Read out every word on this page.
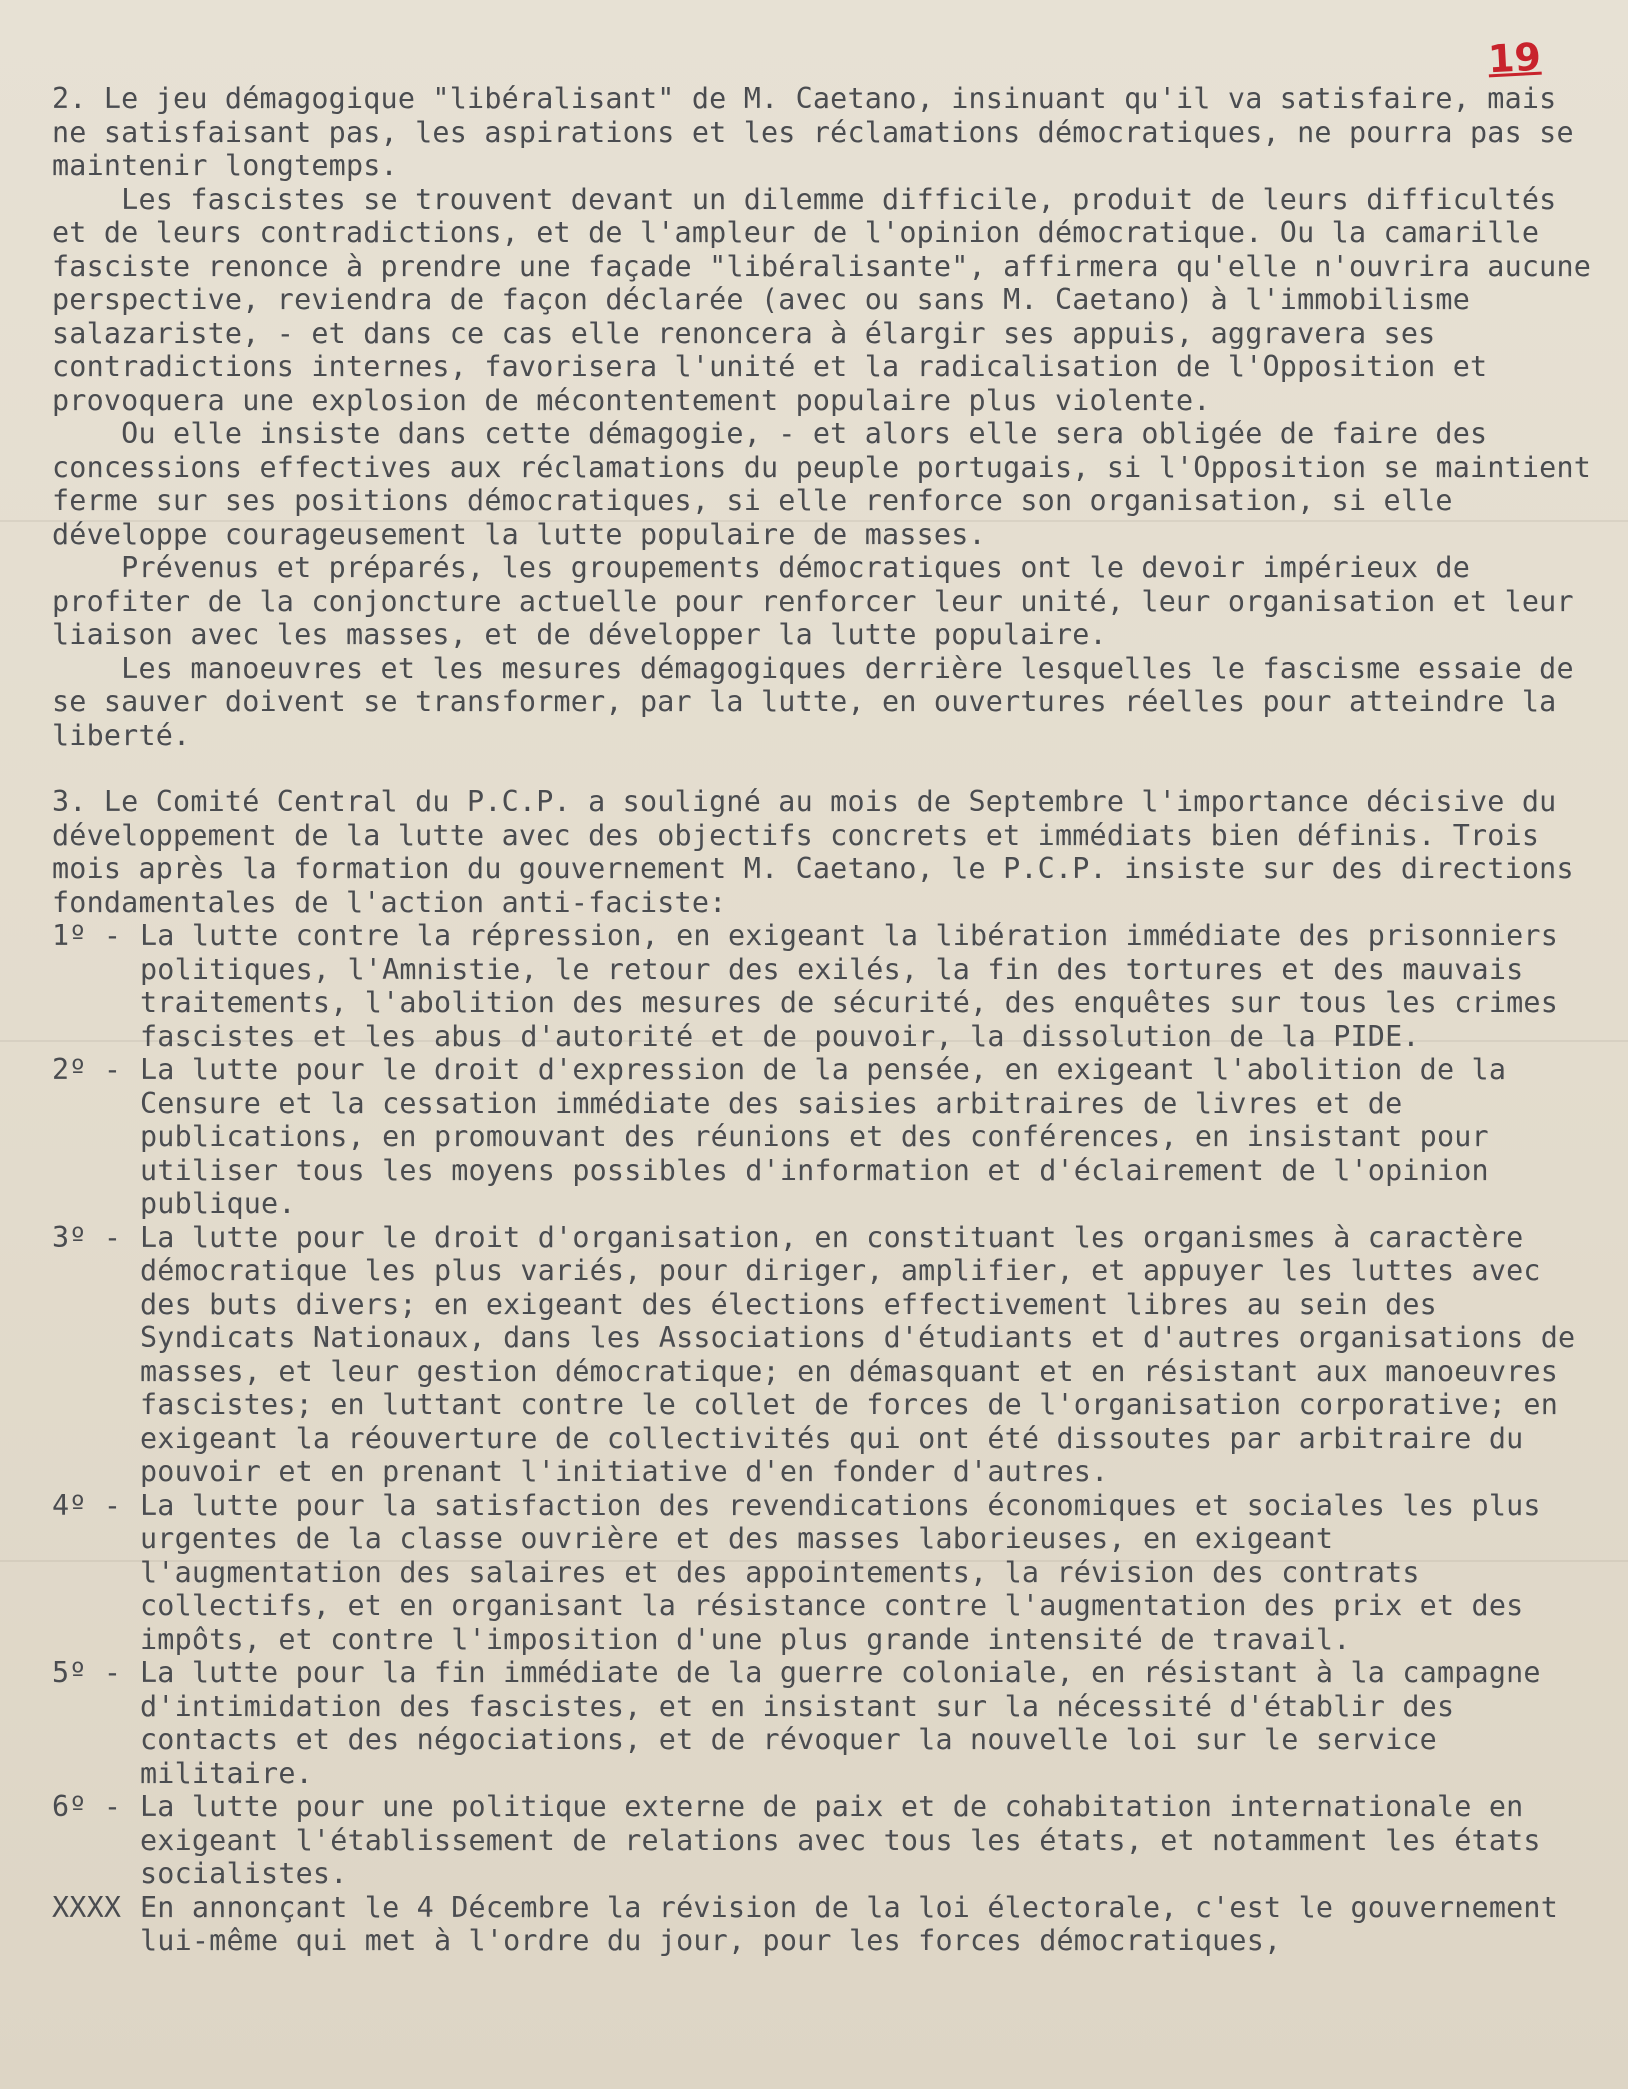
19

2. Le jeu démagogique "libéralisant" de M. Caetano, insinuant qu'il va satisfaire, mais ne satisfaisant pas, les aspirations et les réclamations démocratiques, ne pourra pas se maintenir longtemps.

Les fascistes se trouvent devant un dilemme difficile, produit de leurs difficultés et de leurs contradictions, et de l'ampleur de l'opinion démocratique. Ou la camarille fasciste renonce à prendre une façade "libéralisante", affirmera qu'elle n'ouvrira aucune perspective, reviendra de façon déclarée (avec ou sans M. Caetano) à l'immobilisme salazariste, - et dans ce cas elle renoncera à élargir ses appuis, aggravera ses contradictions internes, favorisera l'unité et la radicalisation de l'Opposition et provoquera une explosion de mécontentement populaire plus violente.

Ou elle insiste dans cette démagogie, - et alors elle sera obligée de faire des concessions effectives aux réclamations du peuple portugais, si l'Opposition se maintient ferme sur ses positions démocratiques, si elle renforce son organisation, si elle développe courageusement la lutte populaire de masses.

Prévenus et préparés, les groupements démocratiques ont le devoir impérieux de profiter de la conjoncture actuelle pour renforcer leur unité, leur organisation et leur liaison avec les masses, et de développer la lutte populaire.

Les manoeuvres et les mesures démagogiques derrière lesquelles le fascisme essaie de se sauver doivent se transformer, par la lutte, en ouvertures réelles pour atteindre la liberté.

3. Le Comité Central du P.C.P. a souligné au mois de Septembre l'importance décisive du développement de la lutte avec des objectifs concrets et immédiats bien définis. Trois mois après la formation du gouvernement M. Caetano, le P.C.P. insiste sur des directions fondamentales de l'action anti-faciste:

1º - La lutte contre la répression, en exigeant la libération immédiate des prisonniers politiques, l'Amnistie, le retour des exilés, la fin des tortures et des mauvais traitements, l'abolition des mesures de sécurité, des enquêtes sur tous les crimes fascistes et les abus d'autorité et de pouvoir, la dissolution de la PIDE.
2º - La lutte pour le droit d'expression de la pensée, en exigeant l'abolition de la Censure et la cessation immédiate des saisies arbitraires de livres et de publications, en promouvant des réunions et des conférences, en insistant pour utiliser tous les moyens possibles d'information et d'éclairement de l'opinion publique.
3º - La lutte pour le droit d'organisation, en constituant les organismes à caractère démocratique les plus variés, pour diriger, amplifier, et appuyer les luttes avec des buts divers; en exigeant des élections effectivement libres au sein des Syndicats Nationaux, dans les Associations d'étudiants et d'autres organisations de masses, et leur gestion démocratique; en démasquant et en résistant aux manoeuvres fascistes; en luttant contre le collet de forces de l'organisation corporative; en exigeant la réouverture de collectivités qui ont été dissoutes par arbitraire du pouvoir et en prenant l'initiative d'en fonder d'autres.
4º - La lutte pour la satisfaction des revendications économiques et sociales les plus urgentes de la classe ouvrière et des masses laborieuses, en exigeant l'augmentation des salaires et des appointements, la révision des contrats collectifs, et en organisant la résistance contre l'augmentation des prix et des impôts, et contre l'imposition d'une plus grande intensité de travail.
5º - La lutte pour la fin immédiate de la guerre coloniale, en résistant à la campagne d'intimidation des fascistes, et en insistant sur la nécessité d'établir des contacts et des négociations, et de révoquer la nouvelle loi sur le service militaire.
6º - La lutte pour une politique externe de paix et de cohabitation internationale en exigeant l'établissement de relations avec tous les états, et notamment les états socialistes.
XXXX En annonçant le 4 Décembre la révision de la loi électorale, c'est le gouvernement lui-même qui met à l'ordre du jour, pour les forces démocratiques,
